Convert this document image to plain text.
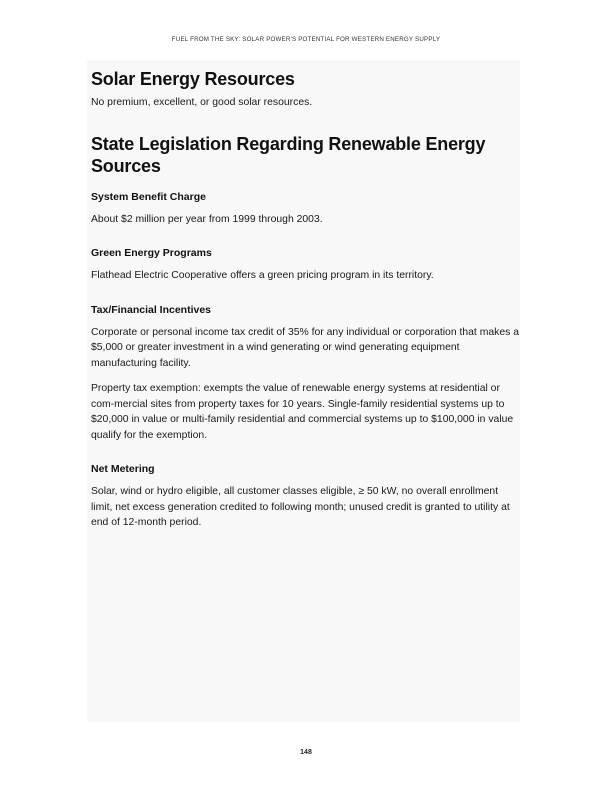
FUEL FROM THE SKY: SOLAR POWER'S POTENTIAL FOR WESTERN ENERGY SUPPLY
Solar Energy Resources

No premium, excellent, or good solar resources.

State Legislation Regarding Renewable Energy Sources
System Benefit Charge

About $2 million per year from 1999 through 2003.

Green Energy Programs

Flathead Electric Cooperative offers a green pricing program in its territory.

Tax/Financial Incentives

Corporate or personal income tax credit of 35% for any individual or corporation that makes a $5,000 or greater investment in a wind generating or wind generating equipment manufacturing facility.

Property tax exemption: exempts the value of renewable energy systems at residential or com-mercial sites from property taxes for 10 years. Single-family residential systems up to $20,000 in value or multi-family residential and commercial systems up to $100,000 in value qualify for the exemption.

Net Metering

Solar, wind or hydro eligible, all customer classes eligible, ≥ 50 kW, no overall enrollment limit, net excess generation credited to following month; unused credit is granted to utility at end of 12-month period.

148
